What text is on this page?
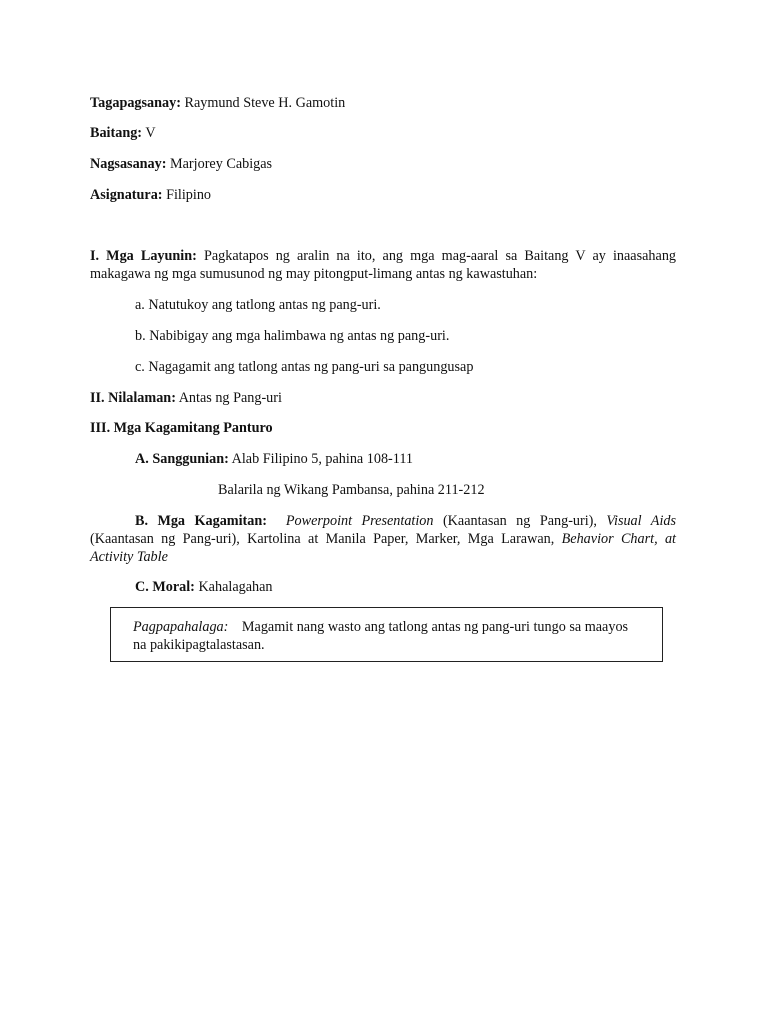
Tagapagsanay: Raymund Steve H. Gamotin
Baitang: V
Nagsasanay: Marjorey Cabigas
Asignatura: Filipino
I. Mga Layunin: Pagkatapos ng aralin na ito, ang mga mag-aaral sa Baitang V ay inaasahang makagawa ng mga sumusunod ng may pitongput-limang antas ng kawastuhan:
a. Natutukoy ang tatlong antas ng pang-uri.
b. Nabibigay ang mga halimbawa ng antas ng pang-uri.
c. Nagagamit ang tatlong antas ng pang-uri sa pangungusap
II. Nilalaman: Antas ng Pang-uri
III. Mga Kagamitang Panturo
A. Sanggunian: Alab Filipino 5, pahina 108-111
Balarila ng Wikang Pambansa, pahina 211-212
B. Mga Kagamitan: Powerpoint Presentation (Kaantasan ng Pang-uri), Visual Aids (Kaantasan ng Pang-uri), Kartolina at Manila Paper, Marker, Mga Larawan, Behavior Chart, at Activity Table
C. Moral: Kahalagahan
Pagpapahalaga: Magamit nang wasto ang tatlong antas ng pang-uri tungo sa maayos na pakikipagtalastasan.
